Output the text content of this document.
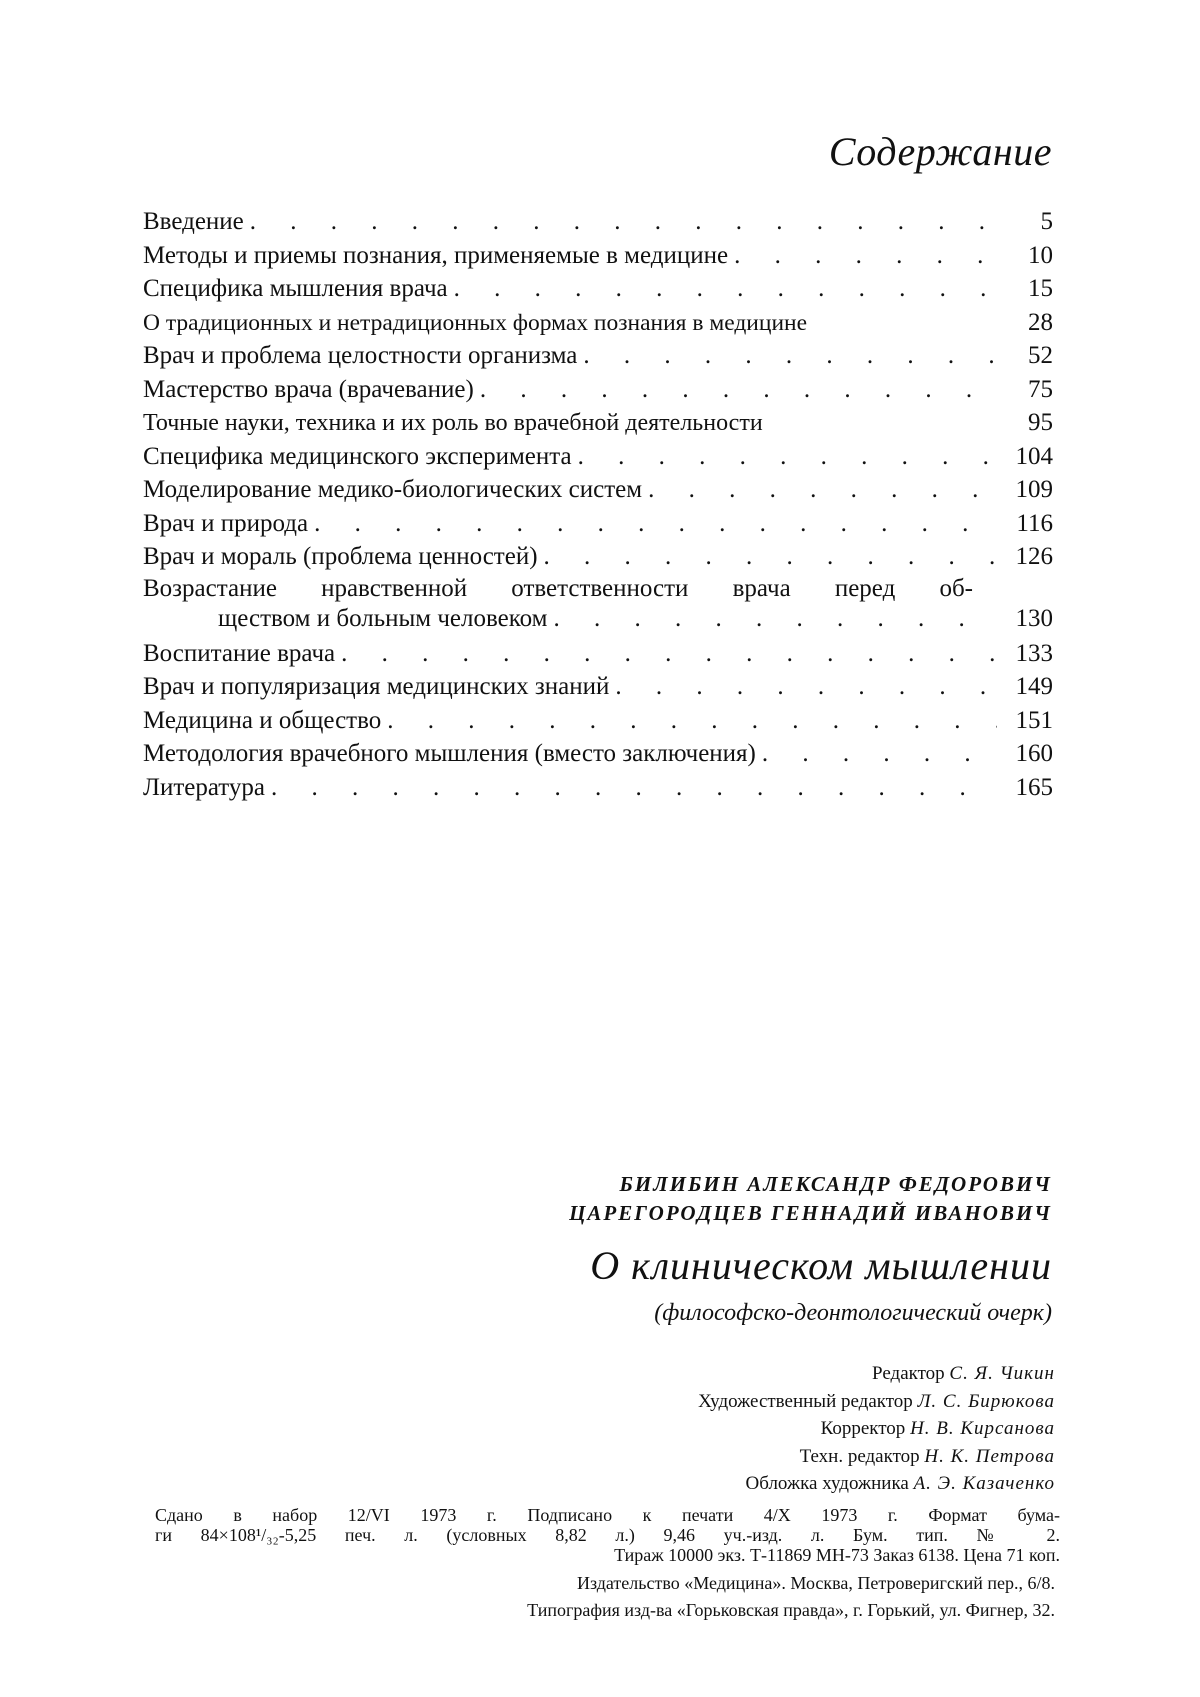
Содержание
Введение . . .	5
Методы и приемы познания, применяемые в медицине . . .	10
Специфика мышления врача . . .	15
О традиционных и нетрадиционных формах познания в медицине	28
Врач и проблема целостности организма . . .	52
Мастерство врача (врачевание) . . .	75
Точные науки, техника и их роль во врачебной деятельности	95
Специфика медицинского эксперимента . . .	104
Моделирование медико-биологических систем . . .	109
Врач и природа . . .	116
Врач и мораль (проблема ценностей) . . .	126
Возрастание нравственной ответственности врача перед об-
ществом и больным человеком . . .	130
Воспитание врача . . .	133
Врач и популяризация медицинских знаний . . .	149
Медицина и общество . . .	151
Методология врачебного мышления (вместо заключения) . . .	160
Литература . . .	165
БИЛИБИН АЛЕКСАНДР ФЕДОРОВИЧ
ЦАРЕГОРОДЦЕВ ГЕННАДИЙ ИВАНОВИЧ
О клиническом мышлении
(философско-деонтологический очерк)
Редактор С. Я. Чикин
Художественный редактор Л. С. Бирюкова
Корректор Н. В. Кирсанова
Техн. редактор Н. К. Петрова
Обложка художника А. Э. Казаченко

Сдано в набор 12/VI 1973 г. Подписано к печати 4/X 1973 г. Формат бума-

ги 84×108¹/₃₂-5,25 печ. л. (условных 8,82 л.) 9,46 уч.-изд. л. Бум. тип. № 2.

Тираж 10000 экз. Т-11869 МН-73 Заказ 6138. Цена 71 коп.

Издательство «Медицина». Москва, Петроверигский пер., 6/8.
Типография изд-ва «Горьковская правда», г. Горький, ул. Фигнер, 32.
